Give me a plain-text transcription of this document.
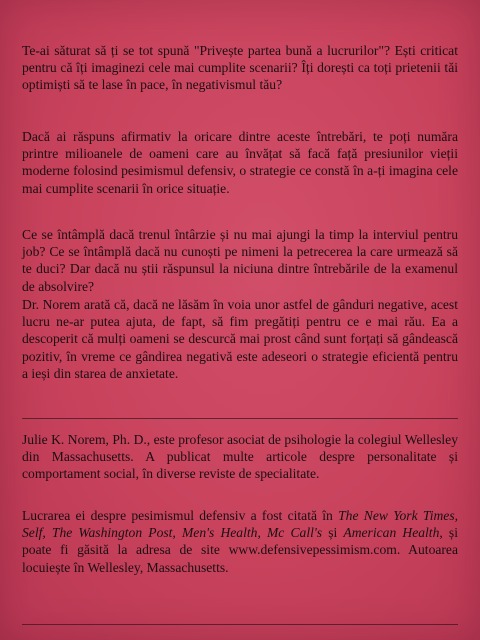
Te-ai săturat să ți se tot spună "Privește partea bună a lucrurilor"? Ești criticat pentru că îți imaginezi cele mai cumplite scenarii? Îți dorești ca toți prietenii tăi optimiști să te lase în pace, în negativismul tău?

Dacă ai răspuns afirmativ la oricare dintre aceste întrebări, te poți număra printre milioanele de oameni care au învățat să facă față presiunilor vieții moderne folosind pesimismul defensiv, o strategie ce constă în a-ți imagina cele mai cumplite scenarii în orice situație.

Ce se întâmplă dacă trenul întârzie și nu mai ajungi la timp la interviul pentru job? Ce se întâmplă dacă nu cunoști pe nimeni la petrecerea la care urmează să te duci? Dar dacă nu știi răspunsul la niciuna dintre întrebările de la examenul de absolvire?

Dr. Norem arată că, dacă ne lăsăm în voia unor astfel de gânduri negative, acest lucru ne-ar putea ajuta, de fapt, să fim pregătiți pentru ce e mai rău. Ea a descoperit că mulți oameni se descurcă mai prost când sunt forțați să gândească pozitiv, în vreme ce gândirea negativă este adeseori o strategie eficientă pentru a ieși din starea de anxietate.

Julie K. Norem, Ph. D., este profesor asociat de psihologie la colegiul Wellesley din Massachusetts. A publicat multe articole despre personalitate și comportament social, în diverse reviste de specialitate.

Lucrarea ei despre pesimismul defensiv a fost citată în The New York Times, Self, The Washington Post, Men's Health, Mc Call's și American Health, și poate fi găsită la adresa de site www.defensivepessimism.com. Autoarea locuiește în Wellesley, Massachusetts.
